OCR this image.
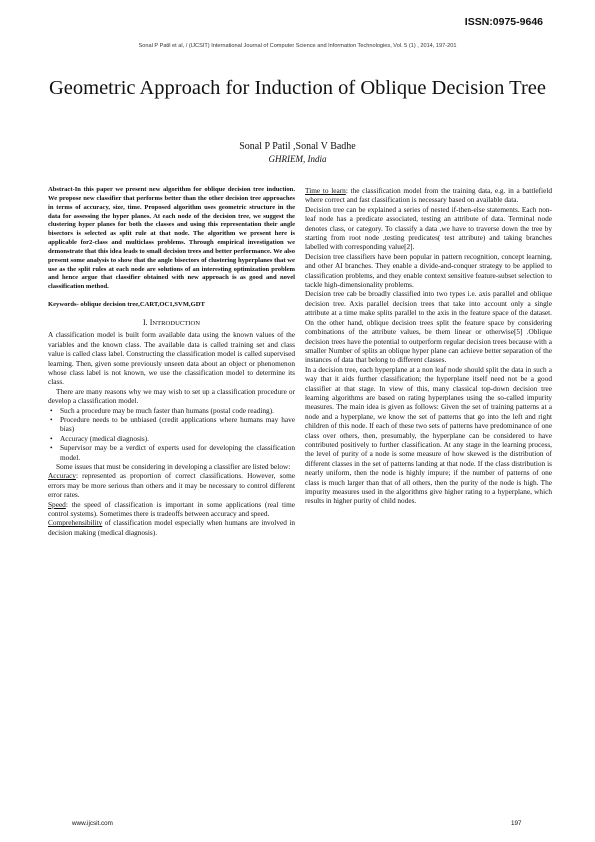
ISSN:0975-9646
Sonal P Patil et al, / (IJCSIT) International Journal of Computer Science and Information Technologies, Vol. 5 (1) , 2014, 197-201
Geometric Approach for Induction of Oblique Decision Tree
Sonal P Patil ,Sonal V Badhe
GHRIEM, India

Abstract-In this paper we present new algorithm for oblique decision tree induction. We propose new classifier that performs better than the other decision tree approaches in terms of accuracy, size, time. Proposed algorithm uses geometric structure in the data for assessing the hyper planes. At each node of the decision tree, we suggest the clustering hyper planes for both the classes and using this representation their angle bisectors is selected as split rule at that node. The algorithm we present here is applicable for2-class and multiclass problems. Through empirical investigation we demonstrate that this idea leads to small decision trees and better performance. We also present some analysis to show that the angle bisectors of clustering hyperplanes that we use as the split rules at each node are solutions of an interesting optimization problem and hence argue that classifier obtained with new approach is as good and novel classification method.

Keywords- oblique decision tree,CART,OC1,SVM,GDT

I. INTRODUCTION

A classification model is built form available data using the known values of the variables and the known class. The available data is called training set and class value is called class label. Constructing the classification model is called supervised learning. Then, given some previously unseen data about an object or phenomenon whose class label is not known, we use the classification model to determine its class.

There are many reasons why we may wish to set up a classification procedure or develop a classification model.

• Such a procedure may be much faster than humans (postal code reading).
• Procedure needs to be unbiased (credit applications where humans may have bias)
• Accuracy (medical diagnosis).
• Supervisor may be a verdict of experts used for developing the classification model.

Some issues that must be considering in developing a classifier are listed below:

Accuracy: represented as proportion of correct classifications. However, some errors may be more serious than others and it may be necessary to control different error rates.

Speed: the speed of classification is important in some applications (real time control systems). Sometimes there is tradeoffs between accuracy and speed.

Comprehensibility of classification model especially when humans are involved in decision making (medical diagnosis).

Time to learn: the classification model from the training data, e.g. in a battlefield where correct and fast classification is necessary based on available data.

Decision tree can be explained a series of nested if-then-else statements. Each non-leaf node has a predicate associated, testing an attribute of data. Terminal node denotes class, or category. To classify a data ,we have to traverse down the tree by starting from root node ,testing predicates( test attribute) and taking branches labelled with corresponding value[2].

Decision tree classifiers have been popular in pattern recognition, concept learning, and other AI branches. They enable a divide-and-conquer strategy to be applied to classification problems, and they enable context sensitive feature-subset selection to tackle high-dimensionality problems.

Decision tree cab be broadly classified into two types i.e. axis parallel and oblique decision tree. Axis parallel decision trees that take into account only a single attribute at a time make splits parallel to the axis in the feature space of the dataset. On the other hand, oblique decision trees split the feature space by considering combinations of the attribute values, be them linear or otherwise[5] .Oblique decision trees have the potential to outperform regular decision trees because with a smaller Number of splits an oblique hyper plane can achieve better separation of the instances of data that belong to different classes.

In a decision tree, each hyperplane at a non leaf node should split the data in such a way that it aids further classification; the hyperplane itself need not be a good classifier at that stage. In view of this, many classical top-down decision tree learning algorithms are based on rating hyperplanes using the so-called impurity measures. The main idea is given as follows: Given the set of training patterns at a node and a hyperplane, we know the set of patterns that go into the left and right children of this node. If each of these two sets of patterns have predominance of one class over others, then, presumably, the hyperplane can be considered to have contributed positively to further classification. At any stage in the learning process, the level of purity of a node is some measure of how skewed is the distribution of different classes in the set of patterns landing at that node. If the class distribution is nearly uniform, then the node is highly impure; if the number of patterns of one class is much larger than that of all others, then the purity of the node is high. The impurity measures used in the algorithms give higher rating to a hyperplane, which results in higher purity of child nodes.

www.ijcsit.com	197
